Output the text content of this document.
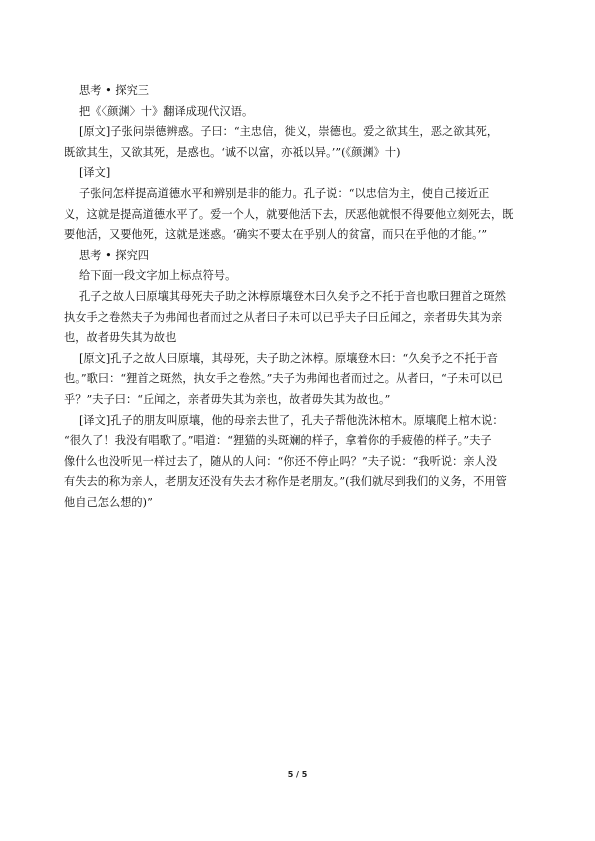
思考 • 探究三
把《〈颜渊〉十》翻译成现代汉语。
[原文]子张问崇德辨惑。子曰：“主忠信，徙义，崇德也。爱之欲其生，恶之欲其死，
既欲其生，又欲其死，是惑也。‘诚不以富，亦祗以异。’”(《颜渊》十)
[译文]
子张问怎样提高道德水平和辨别是非的能力。孔子说：“以忠信为主，使自己接近正
义，这就是提高道德水平了。爱一个人，就要他活下去，厌恶他就恨不得要他立刻死去，既
要他活，又要他死，这就是迷惑。‘确实不要太在乎别人的贫富，而只在乎他的才能。’”
思考 • 探究四
给下面一段文字加上标点符号。
孔子之故人曰原壤其母死夫子助之沐椁原壤登木曰久矣予之不托于音也歌曰狸首之斑然
执女手之卷然夫子为弗闻也者而过之从者曰子未可以已乎夫子曰丘闻之，亲者毋失其为亲
也，故者毋失其为故也
[原文]孔子之故人曰原壤，其母死，夫子助之沐椁。原壤登木曰：“久矣予之不托于音
也。”歌曰：“狸首之斑然，执女手之卷然。”夫子为弗闻也者而过之。从者曰，“子未可以已
乎？”夫子曰：“丘闻之，亲者毋失其为亲也，故者毋失其为故也。”
[译文]孔子的朋友叫原壤，他的母亲去世了，孔夫子帮他洗沐棺木。原壤爬上棺木说：
“很久了！我没有唱歌了。”唱道：“狸猫的头斑斓的样子，拿着你的手疲倦的样子。”夫子
像什么也没听见一样过去了，随从的人问：“你还不停止吗？”夫子说：“我听说：亲人没
有失去的称为亲人，老朋友还没有失去才称作是老朋友。”(我们就尽到我们的义务，不用管
他自己怎么想的)”
5 / 5
